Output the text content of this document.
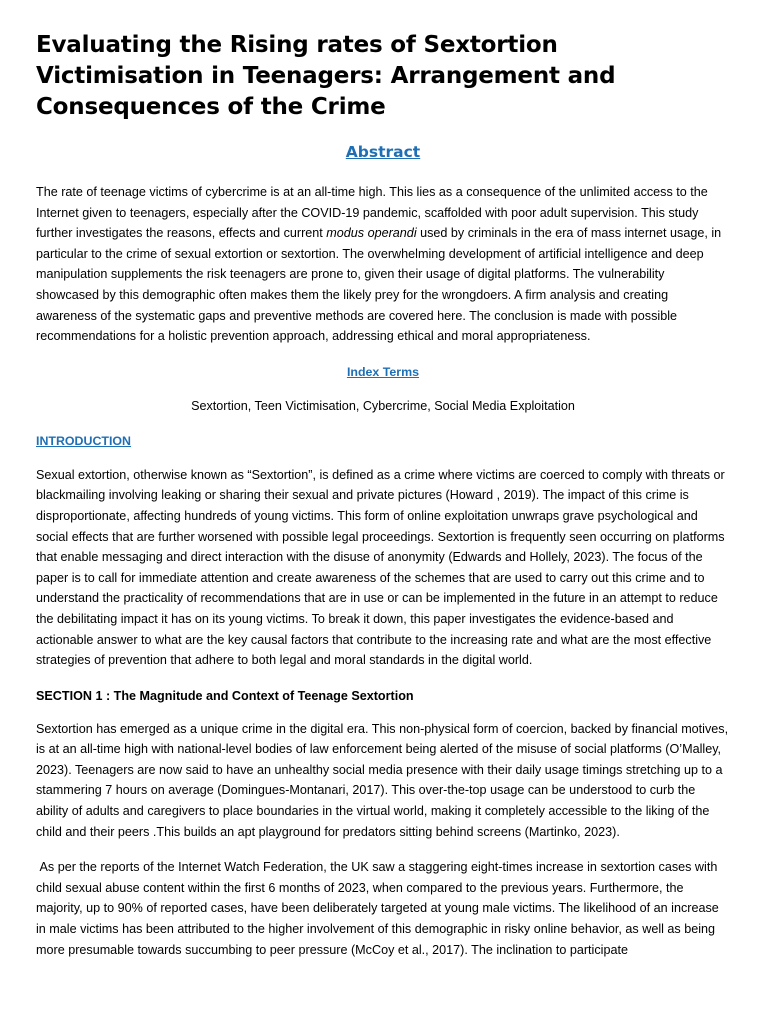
Evaluating the Rising rates of Sextortion Victimisation in Teenagers: Arrangement and Consequences of the Crime
Abstract

The rate of teenage victims of cybercrime is at an all-time high. This lies as a consequence of the unlimited access to the Internet given to teenagers, especially after the COVID-19 pandemic, scaffolded with poor adult supervision. This study further investigates the reasons, effects and current modus operandi used by criminals in the era of mass internet usage, in particular to the crime of sexual extortion or sextortion. The overwhelming development of artificial intelligence and deep manipulation supplements the risk teenagers are prone to, given their usage of digital platforms. The vulnerability showcased by this demographic often makes them the likely prey for the wrongdoers. A firm analysis and creating awareness of the systematic gaps and preventive methods are covered here. The conclusion is made with possible recommendations for a holistic prevention approach, addressing ethical and moral appropriateness.

Index Terms
Sextortion, Teen Victimisation, Cybercrime, Social Media Exploitation
INTRODUCTION

Sexual extortion, otherwise known as “Sextortion”, is defined as a crime where victims are coerced to comply with threats or blackmailing involving leaking or sharing their sexual and private pictures (Howard , 2019). The impact of this crime is disproportionate, affecting hundreds of young victims. This form of online exploitation unwraps grave psychological and social effects that are further worsened with possible legal proceedings. Sextortion is frequently seen occurring on platforms that enable messaging and direct interaction with the disuse of anonymity (Edwards and Hollely, 2023). The focus of the paper is to call for immediate attention and create awareness of the schemes that are used to carry out this crime and to understand the practicality of recommendations that are in use or can be implemented in the future in an attempt to reduce the debilitating impact it has on its young victims. To break it down, this paper investigates the evidence-based and actionable answer to what are the key causal factors that contribute to the increasing rate and what are the most effective strategies of prevention that adhere to both legal and moral standards in the digital world.

SECTION 1 : The Magnitude and Context of Teenage Sextortion

Sextortion has emerged as a unique crime in the digital era. This non-physical form of coercion, backed by financial motives, is at an all-time high with national-level bodies of law enforcement being alerted of the misuse of social platforms (O’Malley, 2023). Teenagers are now said to have an unhealthy social media presence with their daily usage timings stretching up to a stammering 7 hours on average (Domingues-Montanari, 2017). This over-the-top usage can be understood to curb the ability of adults and caregivers to place boundaries in the virtual world, making it completely accessible to the liking of the child and their peers .This builds an apt playground for predators sitting behind screens (Martinko, 2023).

As per the reports of the Internet Watch Federation, the UK saw a staggering eight-times increase in sextortion cases with child sexual abuse content within the first 6 months of 2023, when compared to the previous years. Furthermore, the majority, up to 90% of reported cases, have been deliberately targeted at young male victims. The likelihood of an increase in male victims has been attributed to the higher involvement of this demographic in risky online behavior, as well as being more presumable towards succumbing to peer pressure (McCoy et al., 2017). The inclination to participate
